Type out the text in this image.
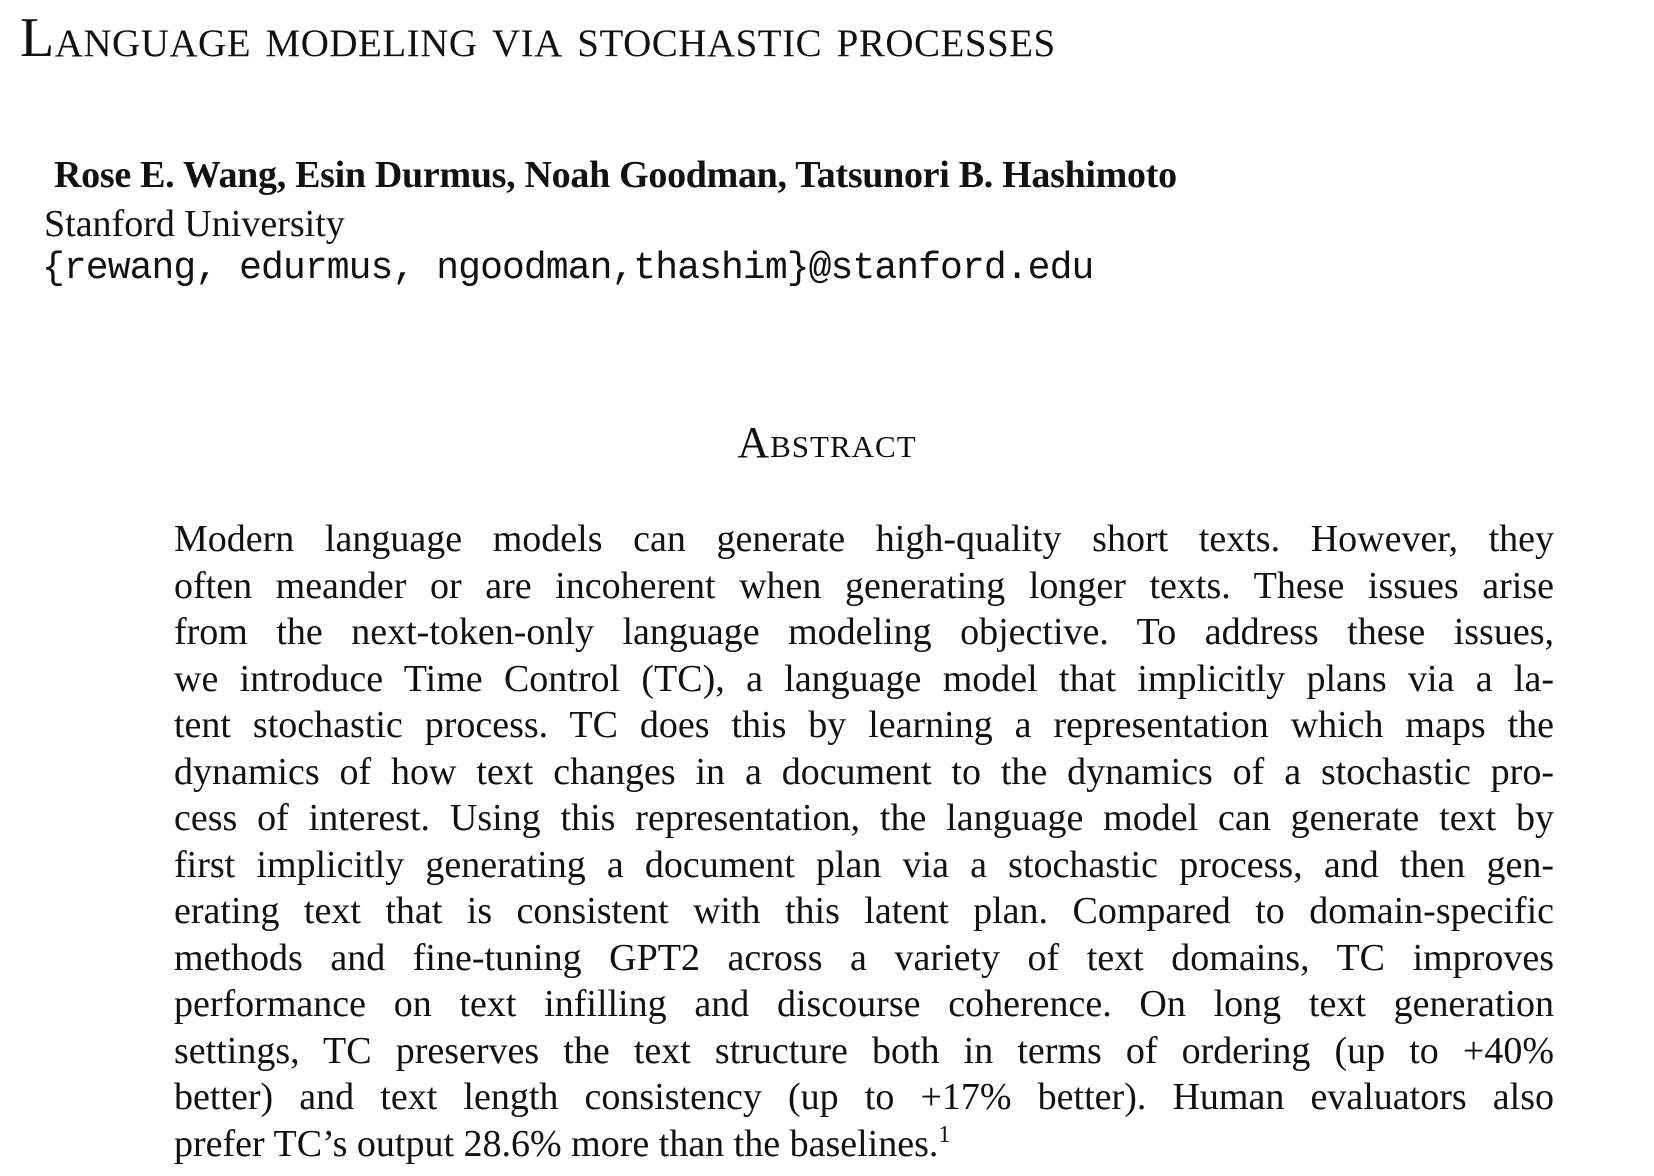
Language modeling via stochastic processes
Rose E. Wang, Esin Durmus, Noah Goodman, Tatsunori B. Hashimoto
Stanford University
{rewang, edurmus, ngoodman,thashim}@stanford.edu
Abstract
Modern language models can generate high-quality short texts. However, they
often meander or are incoherent when generating longer texts. These issues arise
from the next-token-only language modeling objective. To address these issues,
we introduce Time Control (TC), a language model that implicitly plans via a la-
tent stochastic process. TC does this by learning a representation which maps the
dynamics of how text changes in a document to the dynamics of a stochastic pro-
cess of interest. Using this representation, the language model can generate text by
first implicitly generating a document plan via a stochastic process, and then gen-
erating text that is consistent with this latent plan. Compared to domain-specific
methods and fine-tuning GPT2 across a variety of text domains, TC improves
performance on text infilling and discourse coherence. On long text generation
settings, TC preserves the text structure both in terms of ordering (up to +40%
better) and text length consistency (up to +17% better). Human evaluators also
prefer TC’s output 28.6% more than the baselines.$^1$
